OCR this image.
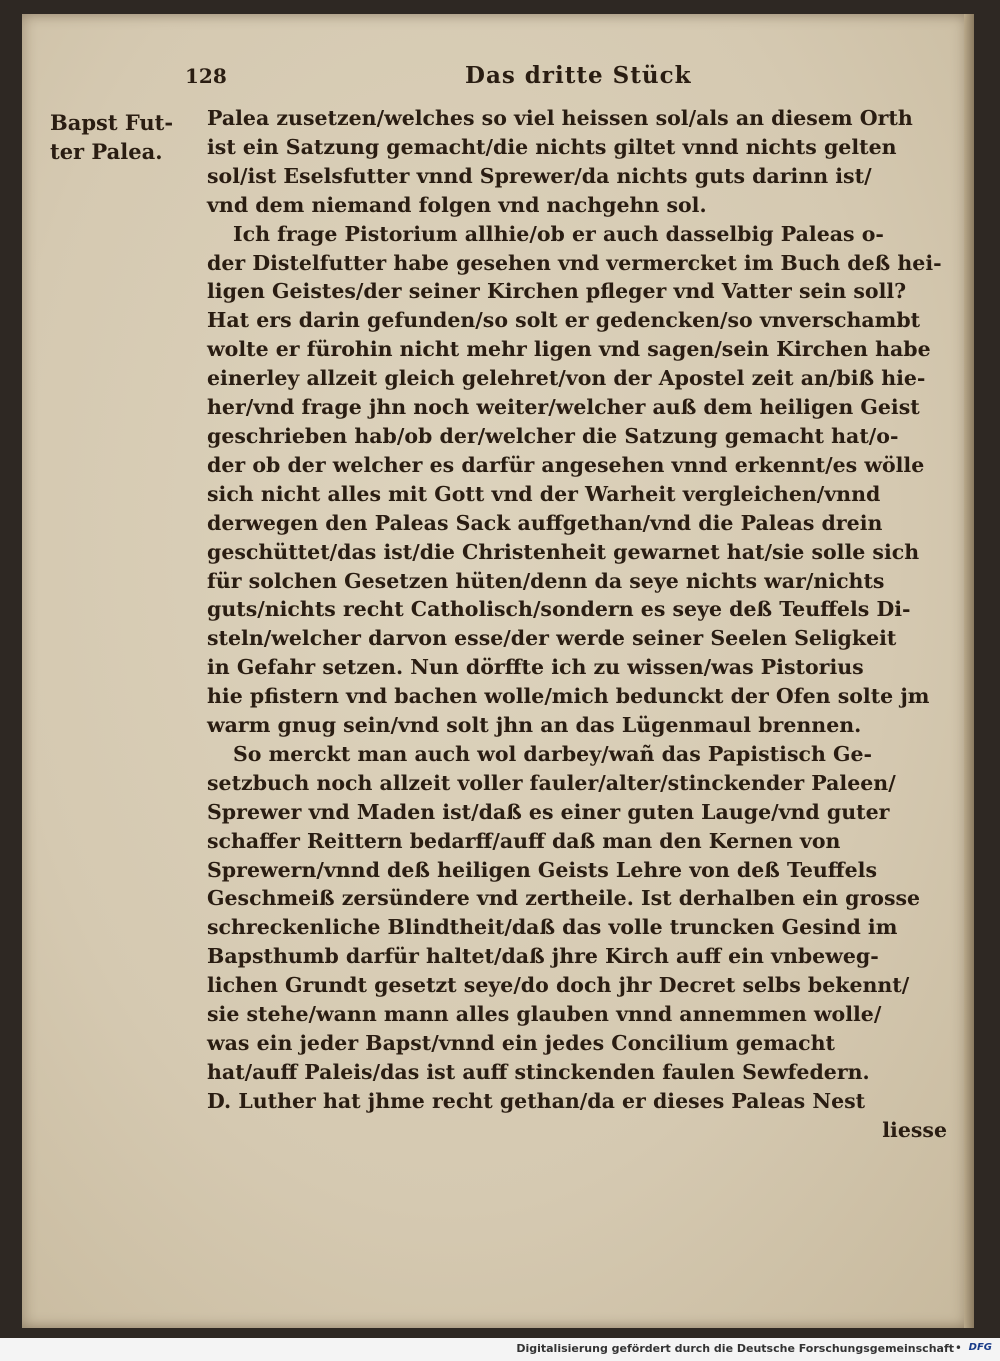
128	Das dritte Stück
Bapst Fut-
ter Palea.
Palea zusetzen/welches so viel heissen sol/als an diesem Orth
ist ein Satzung gemacht/die nichts giltet vnnd nichts gelten
sol/ist Eselsfutter vnnd Sprewer/da nichts guts darinn ist/
vnd dem niemand folgen vnd nachgehn sol.
Ich frage Pistorium allhie/ob er auch dasselbig Paleas o-
der Distelfutter habe gesehen vnd vermercket im Buch deß hei-
ligen Geistes/der seiner Kirchen pfleger vnd Vatter sein soll?
Hat ers darin gefunden/so solt er gedencken/so vnverschambt
wolte er fürohin nicht mehr ligen vnd sagen/sein Kirchen habe
einerley allzeit gleich gelehret/von der Apostel zeit an/biß hie-
her/vnd frage jhn noch weiter/welcher auß dem heiligen Geist
geschrieben hab/ob der/welcher die Satzung gemacht hat/o-
der ob der welcher es darfür angesehen vnnd erkennt/es wölle
sich nicht alles mit Gott vnd der Warheit vergleichen/vnnd
derwegen den Paleas Sack auffgethan/vnd die Paleas drein
geschüttet/das ist/die Christenheit gewarnet hat/sie solle sich
für solchen Gesetzen hüten/denn da seye nichts war/nichts
guts/nichts recht Catholisch/sondern es seye deß Teuffels Di-
steln/welcher darvon esse/der werde seiner Seelen Seligkeit
in Gefahr setzen. Nun dörffte ich zu wissen/was Pistorius
hie pfistern vnd bachen wolle/mich bedunckt der Ofen solte jm
warm gnug sein/vnd solt jhn an das Lügenmaul brennen.
So merckt man auch wol darbey/wañ das Papistisch Ge-
setzbuch noch allzeit voller fauler/alter/stinckender Paleen/
Sprewer vnd Maden ist/daß es einer guten Lauge/vnd guter
schaffer Reittern bedarff/auff daß man den Kernen von
Sprewern/vnnd deß heiligen Geists Lehre von deß Teuffels
Geschmeiß zersündere vnd zertheile. Ist derhalben ein grosse
schreckenliche Blindtheit/daß das volle truncken Gesind im
Bapsthumb darfür haltet/daß jhre Kirch auff ein vnbeweg-
lichen Grundt gesetzt seye/do doch jhr Decret selbs bekennt/
sie stehe/wann mann alles glauben vnnd annemmen wolle/
was ein jeder Bapst/vnnd ein jedes Concilium gemacht
hat/auff Paleis/das ist auff stinckenden faulen Sewfedern.
D. Luther hat jhme recht gethan/da er dieses Paleas Nest
liesse
Digitalisierung gefördert durch die Deutsche Forschungsgemeinschaft • DFG
